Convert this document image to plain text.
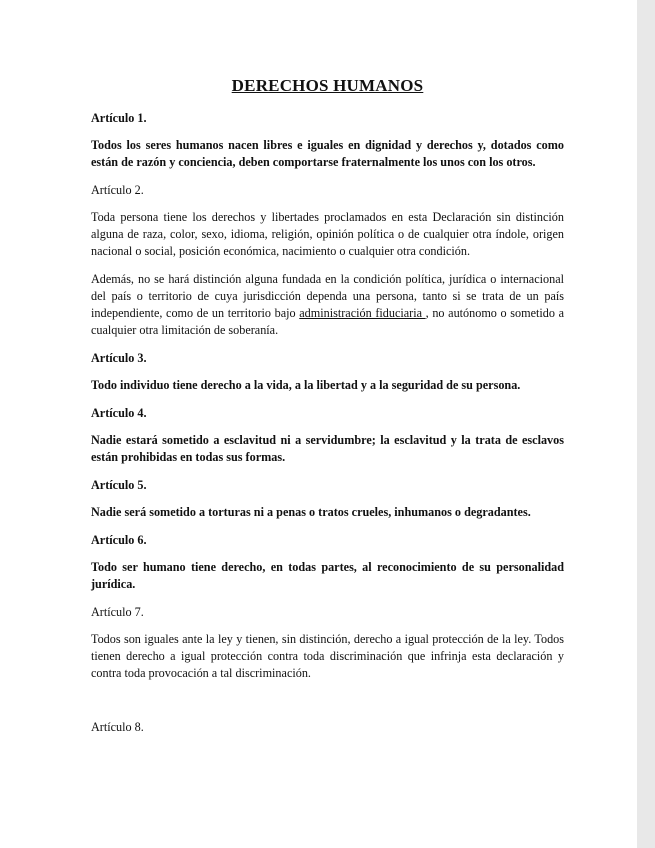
DERECHOS HUMANOS
Artículo 1.
Todos los seres humanos nacen libres e iguales en dignidad y derechos y, dotados como están de razón y conciencia, deben comportarse fraternalmente los unos con los otros.
Artículo 2.
Toda persona tiene los derechos y libertades proclamados en esta Declaración sin distinción alguna de raza, color, sexo, idioma, religión, opinión política o de cualquier otra índole, origen nacional o social, posición económica, nacimiento o cualquier otra condición.
Además, no se hará distinción alguna fundada en la condición política, jurídica o internacional del país o territorio de cuya jurisdicción dependa una persona, tanto si se trata de un país independiente, como de un territorio bajo administración fiduciaria , no autónomo o sometido a cualquier otra limitación de soberanía.
Artículo 3.
Todo individuo tiene derecho a la vida, a la libertad y a la seguridad de su persona.
Artículo 4.
Nadie estará sometido a esclavitud ni a servidumbre; la esclavitud y la trata de esclavos están prohibidas en todas sus formas.
Artículo 5.
Nadie será sometido a torturas ni a penas o tratos crueles, inhumanos o degradantes.
Artículo 6.
Todo ser humano tiene derecho, en todas partes, al reconocimiento de su personalidad jurídica.
Artículo 7.
Todos son iguales ante la ley y tienen, sin distinción, derecho a igual protección de la ley. Todos tienen derecho a igual protección contra toda discriminación que infrinja esta declaración y contra toda provocación a tal discriminación.
Artículo 8.
